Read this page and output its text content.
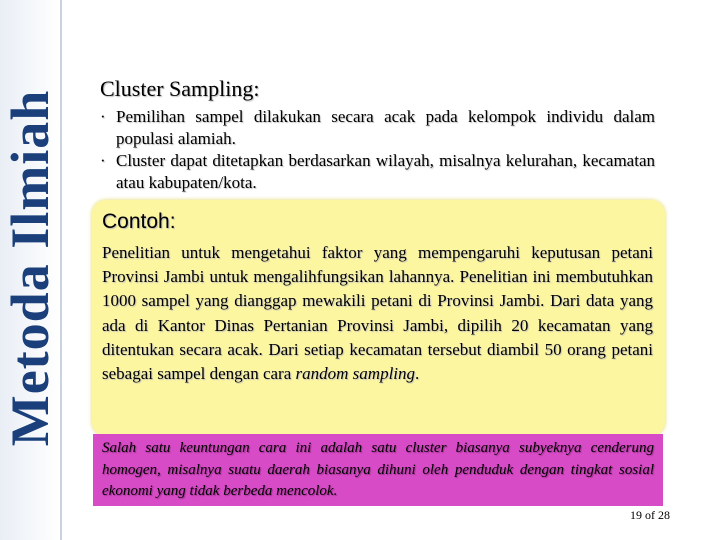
Metoda Ilmiah
Cluster Sampling:
· Pemilihan sampel dilakukan secara acak pada kelompok individu dalam populasi alamiah.
· Cluster dapat ditetapkan berdasarkan wilayah, misalnya kelurahan, kecamatan atau kabupaten/kota.
Contoh:
Penelitian untuk mengetahui faktor yang mempengaruhi keputusan petani Provinsi Jambi untuk mengalihfungsikan lahannya. Penelitian ini membutuhkan 1000 sampel yang dianggap mewakili petani di Provinsi Jambi. Dari data yang ada di Kantor Dinas Pertanian Provinsi Jambi, dipilih 20 kecamatan yang ditentukan secara acak. Dari setiap kecamatan tersebut diambil 50 orang petani sebagai sampel dengan cara random sampling.
Salah satu keuntungan cara ini adalah satu cluster biasanya subyeknya cenderung homogen, misalnya suatu daerah biasanya dihuni oleh penduduk dengan tingkat sosial ekonomi yang tidak berbeda mencolok.
19 of 28
